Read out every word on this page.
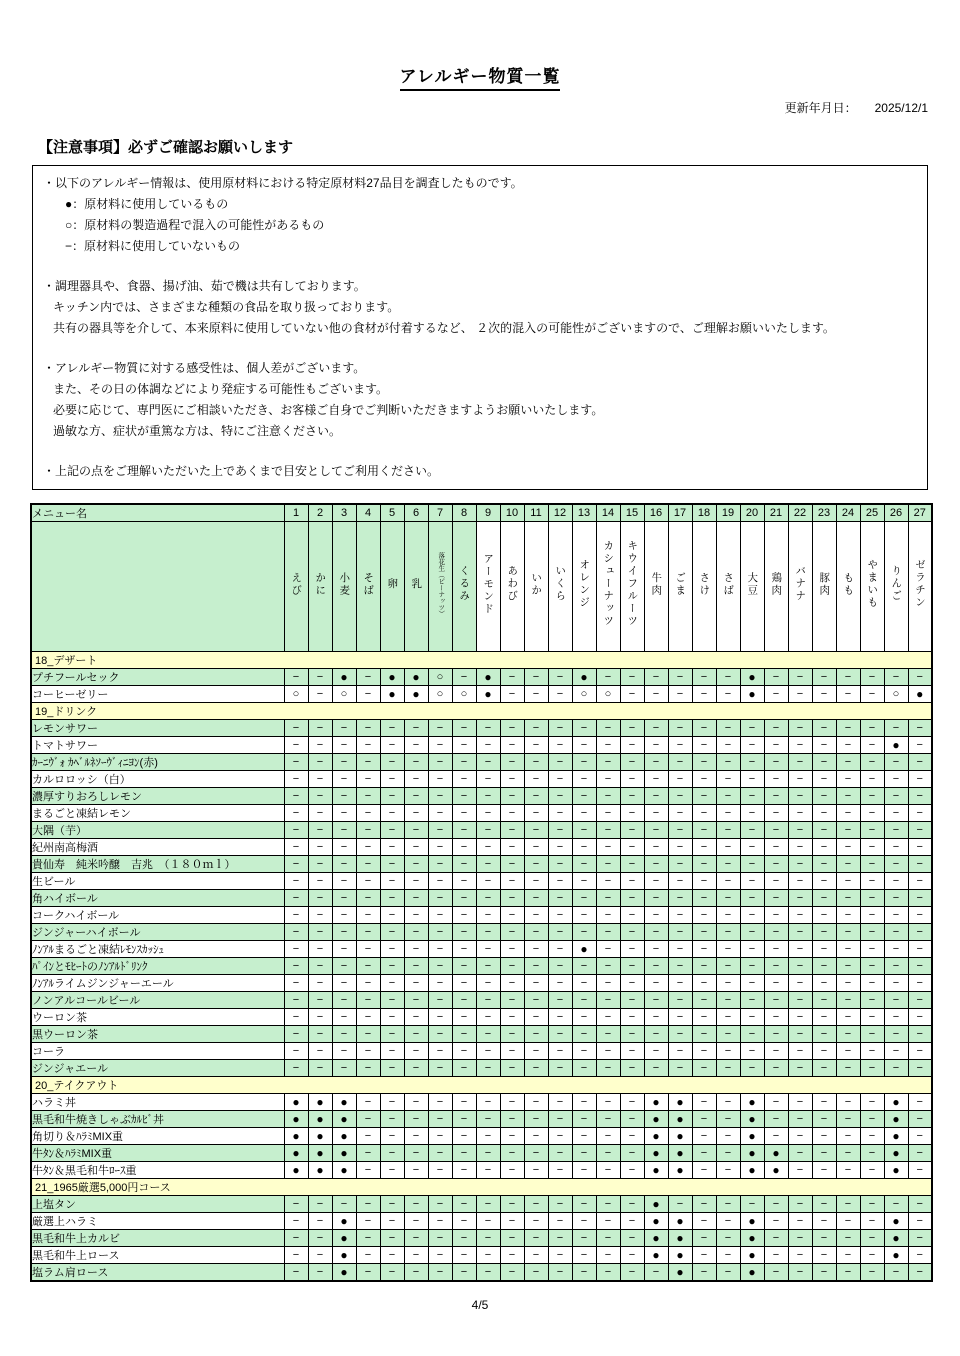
アレルギー物質一覧
更新年月日： 2025/12/1
【注意事項】必ずご確認お願いします
・以下のアレルギー情報は、使用原材料における特定原材料27品目を調査したものです。
●：原材料に使用しているもの
○：原材料の製造過程で混入の可能性があるもの
−：原材料に使用していないもの
・調理器具や、食器、揚げ油、茹で機は共有しております。
キッチン内では、さまざまな種類の食品を取り扱っております。
共有の器具等を介して、本来原料に使用していない他の食材が付着するなど、 ２次的混入の可能性がございますので、ご理解お願いいたします。
・アレルギー物質に対する感受性は、個人差がございます。
また、その日の体調などにより発症する可能性もございます。
必要に応じて、専門医にご相談いただき、お客様ご自身でご判断いただきますようお願いいたします。
過敏な方、症状が重篤な方は、特にご注意ください。
・上記の点をご理解いただいた上であくまで目安としてご利用ください。
メニュー名	1	2	3	4	5	6	7	8	9	10	11	12	13	14	15	16	17	18	19	20	21	22	23	24	25	26	27
	えび	かに	小麦	そば	卵	乳	落花生（ピーナッツ）	くるみ	アーモンド	あわび	いか	いくら	オレンジ	カシューナッツ	キウイフルーツ	牛肉	ごま	さけ	さば	大豆	鶏肉	バナナ	豚肉	もも	やまいも	りんご	ゼラチン
18_デザート																											
プチフールセック	−	−	●	−	●	●	○	−	●	−	−	−	●	−	−	−	−	−	−	●	−	−	−	−	−	−	−
コーヒーゼリー	○	−	○	−	●	●	○	○	●	−	−	−	○	○	−	−	−	−	−	●	−	−	−	−	−	○	●
19_ドリンク																											
レモンサワー	−	−	−	−	−	−	−	−	−	−	−	−	−	−	−	−	−	−	−	−	−	−	−	−	−	−	−
トマトサワー	−	−	−	−	−	−	−	−	−	−	−	−	−	−	−	−	−	−	−	−	−	−	−	−	−	●	−
ｶｰﾆｳﾞｫ ｶﾍﾞﾙﾈｿｰｳﾞｨﾆﾖﾝ(赤)	−	−	−	−	−	−	−	−	−	−	−	−	−	−	−	−	−	−	−	−	−	−	−	−	−	−	−
カルロロッシ（白）	−	−	−	−	−	−	−	−	−	−	−	−	−	−	−	−	−	−	−	−	−	−	−	−	−	−	−
濃厚すりおろしレモン	−	−	−	−	−	−	−	−	−	−	−	−	−	−	−	−	−	−	−	−	−	−	−	−	−	−	−
まるごと凍結レモン	−	−	−	−	−	−	−	−	−	−	−	−	−	−	−	−	−	−	−	−	−	−	−	−	−	−	−
大隅（芋）	−	−	−	−	−	−	−	−	−	−	−	−	−	−	−	−	−	−	−	−	−	−	−	−	−	−	−
紀州南高梅酒	−	−	−	−	−	−	−	−	−	−	−	−	−	−	−	−	−	−	−	−	−	−	−	−	−	−	−
貴仙寿　純米吟醸　吉兆　（１８０ｍｌ）	−	−	−	−	−	−	−	−	−	−	−	−	−	−	−	−	−	−	−	−	−	−	−	−	−	−	−
生ビール	−	−	−	−	−	−	−	−	−	−	−	−	−	−	−	−	−	−	−	−	−	−	−	−	−	−	−
角ハイボール	−	−	−	−	−	−	−	−	−	−	−	−	−	−	−	−	−	−	−	−	−	−	−	−	−	−	−
コークハイボール	−	−	−	−	−	−	−	−	−	−	−	−	−	−	−	−	−	−	−	−	−	−	−	−	−	−	−
ジンジャーハイボール	−	−	−	−	−	−	−	−	−	−	−	−	−	−	−	−	−	−	−	−	−	−	−	−	−	−	−
ﾉﾝｱﾙまるごと凍結ﾚﾓﾝｽｶｯｼｭ	−	−	−	−	−	−	−	−	−	−	−	−	●	−	−	−	−	−	−	−	−	−	−	−	−	−	−
ﾊﾟｲﾝとﾓﾋｰﾄのﾉﾝｱﾙﾄﾞﾘﾝｸ	−	−	−	−	−	−	−	−	−	−	−	−	−	−	−	−	−	−	−	−	−	−	−	−	−	−	−
ﾉﾝｱﾙライムジンジャーエール	−	−	−	−	−	−	−	−	−	−	−	−	−	−	−	−	−	−	−	−	−	−	−	−	−	−	−
ノンアルコールビール	−	−	−	−	−	−	−	−	−	−	−	−	−	−	−	−	−	−	−	−	−	−	−	−	−	−	−
ウーロン茶	−	−	−	−	−	−	−	−	−	−	−	−	−	−	−	−	−	−	−	−	−	−	−	−	−	−	−
黒ウーロン茶	−	−	−	−	−	−	−	−	−	−	−	−	−	−	−	−	−	−	−	−	−	−	−	−	−	−	−
コーラ	−	−	−	−	−	−	−	−	−	−	−	−	−	−	−	−	−	−	−	−	−	−	−	−	−	−	−
ジンジャエール	−	−	−	−	−	−	−	−	−	−	−	−	−	−	−	−	−	−	−	−	−	−	−	−	−	−	−
20_テイクアウト																											
ハラミ丼	●	●	●	−	−	−	−	−	−	−	−	−	−	−	−	●	●	−	−	●	−	−	−	−	−	●	−
黒毛和牛焼きしゃぶｶﾙﾋﾞ丼	●	●	●	−	−	−	−	−	−	−	−	−	−	−	−	●	●	−	−	●	−	−	−	−	−	●	−
角切り＆ﾊﾗﾐMIX重	●	●	●	−	−	−	−	−	−	−	−	−	−	−	−	●	●	−	−	●	−	−	−	−	−	●	−
牛ﾀﾝ＆ﾊﾗﾐMIX重	●	●	●	−	−	−	−	−	−	−	−	−	−	−	−	●	●	−	−	●	●	−	−	−	−	●	−
牛ﾀﾝ＆黒毛和牛ﾛｰｽ重	●	●	●	−	−	−	−	−	−	−	−	−	−	−	−	●	●	−	−	●	●	−	−	−	−	●	−
21_1965厳選5,000円コース																											
上塩タン	−	−	−	−	−	−	−	−	−	−	−	−	−	−	−	●	−	−	−	−	−	−	−	−	−	−	−
厳選上ハラミ	−	−	●	−	−	−	−	−	−	−	−	−	−	−	−	●	●	−	−	●	−	−	−	−	−	●	−
黒毛和牛上カルビ	−	−	●	−	−	−	−	−	−	−	−	−	−	−	−	●	●	−	−	●	−	−	−	−	−	●	−
黒毛和牛上ロース	−	−	●	−	−	−	−	−	−	−	−	−	−	−	−	●	●	−	−	●	−	−	−	−	−	●	−
塩ラム肩ロース	−	−	●	−	−	−	−	−	−	−	−	−	−	−	−	−	●	−	−	●	−	−	−	−	−	−	−
4/5
